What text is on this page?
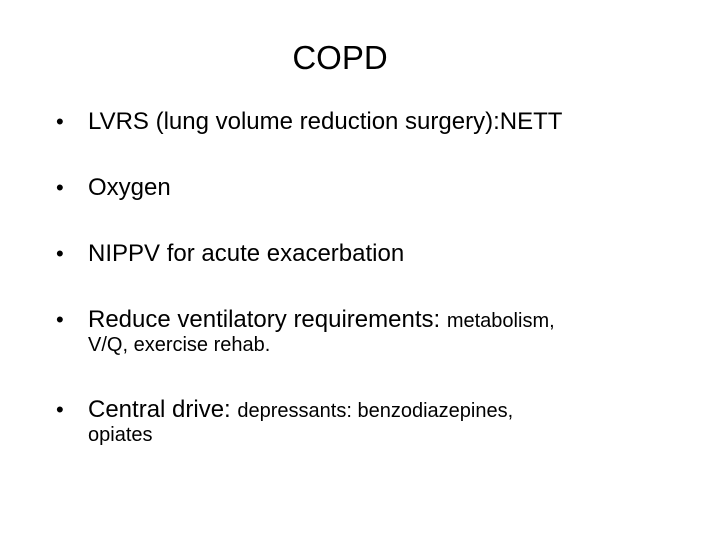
COPD
• LVRS (lung volume reduction surgery):NETT
• Oxygen
• NIPPV for acute exacerbation
• Reduce ventilatory requirements: metabolism,
V/Q, exercise rehab.
• Central drive: depressants: benzodiazepines,
opiates
